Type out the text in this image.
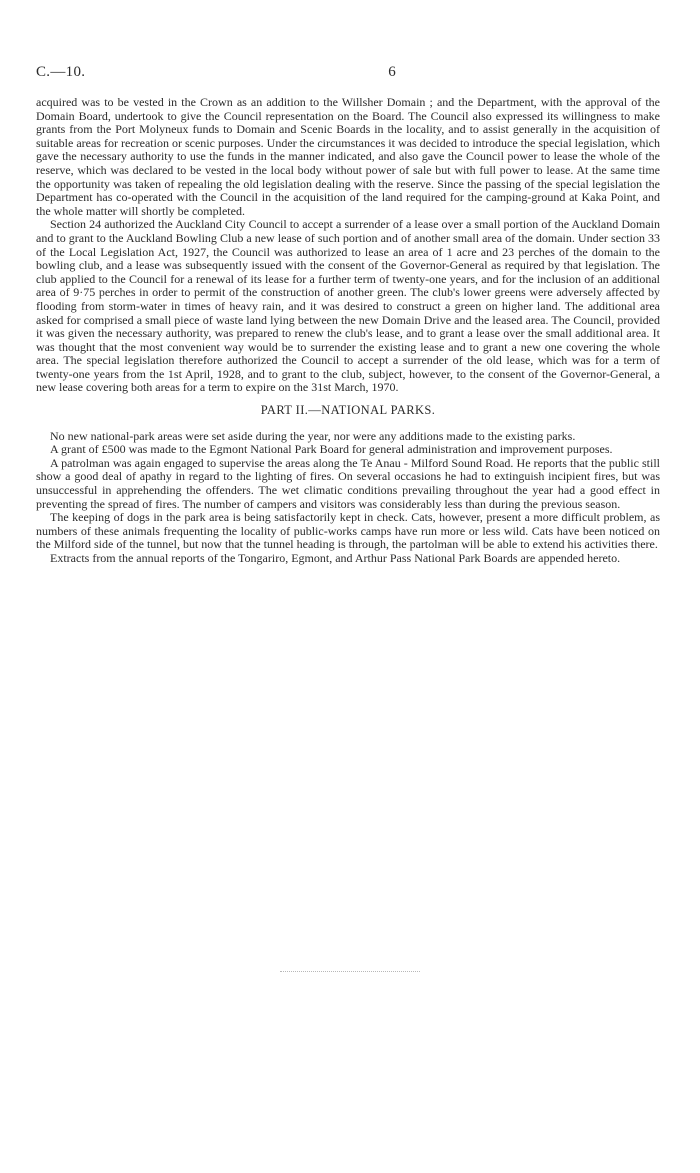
C.—10.	6

acquired was to be vested in the Crown as an addition to the Willsher Domain ; and the Department, with the approval of the Domain Board, undertook to give the Council representation on the Board. The Council also expressed its willingness to make grants from the Port Molyneux funds to Domain and Scenic Boards in the locality, and to assist generally in the acquisition of suitable areas for recreation or scenic purposes. Under the circumstances it was decided to introduce the special legislation, which gave the necessary authority to use the funds in the manner indicated, and also gave the Council power to lease the whole of the reserve, which was declared to be vested in the local body without power of sale but with full power to lease. At the same time the opportunity was taken of repealing the old legislation dealing with the reserve. Since the passing of the special legislation the Department has co-operated with the Council in the acquisition of the land required for the camping-ground at Kaka Point, and the whole matter will shortly be completed.

Section 24 authorized the Auckland City Council to accept a surrender of a lease over a small portion of the Auckland Domain and to grant to the Auckland Bowling Club a new lease of such portion and of another small area of the domain. Under section 33 of the Local Legislation Act, 1927, the Council was authorized to lease an area of 1 acre and 23 perches of the domain to the bowling club, and a lease was subsequently issued with the consent of the Governor-General as required by that legislation. The club applied to the Council for a renewal of its lease for a further term of twenty-one years, and for the inclusion of an additional area of 9·75 perches in order to permit of the construction of another green. The club's lower greens were adversely affected by flooding from storm-water in times of heavy rain, and it was desired to construct a green on higher land. The additional area asked for comprised a small piece of waste land lying between the new Domain Drive and the leased area. The Council, provided it was given the necessary authority, was prepared to renew the club's lease, and to grant a lease over the small additional area. It was thought that the most convenient way would be to surrender the existing lease and to grant a new one covering the whole area. The special legislation therefore authorized the Council to accept a surrender of the old lease, which was for a term of twenty-one years from the 1st April, 1928, and to grant to the club, subject, however, to the consent of the Governor-General, a new lease covering both areas for a term to expire on the 31st March, 1970.

PART II.—NATIONAL PARKS.

No new national-park areas were set aside during the year, nor were any additions made to the existing parks.

A grant of £500 was made to the Egmont National Park Board for general administration and improvement purposes.

A patrolman was again engaged to supervise the areas along the Te Anau - Milford Sound Road. He reports that the public still show a good deal of apathy in regard to the lighting of fires. On several occasions he had to extinguish incipient fires, but was unsuccessful in apprehending the offenders. The wet climatic conditions prevailing throughout the year had a good effect in preventing the spread of fires. The number of campers and visitors was considerably less than during the previous season.

The keeping of dogs in the park area is being satisfactorily kept in check. Cats, however, present a more difficult problem, as numbers of these animals frequenting the locality of public-works camps have run more or less wild. Cats have been noticed on the Milford side of the tunnel, but now that the tunnel heading is through, the partolman will be able to extend his activities there.

Extracts from the annual reports of the Tongariro, Egmont, and Arthur Pass National Park Boards are appended hereto.
